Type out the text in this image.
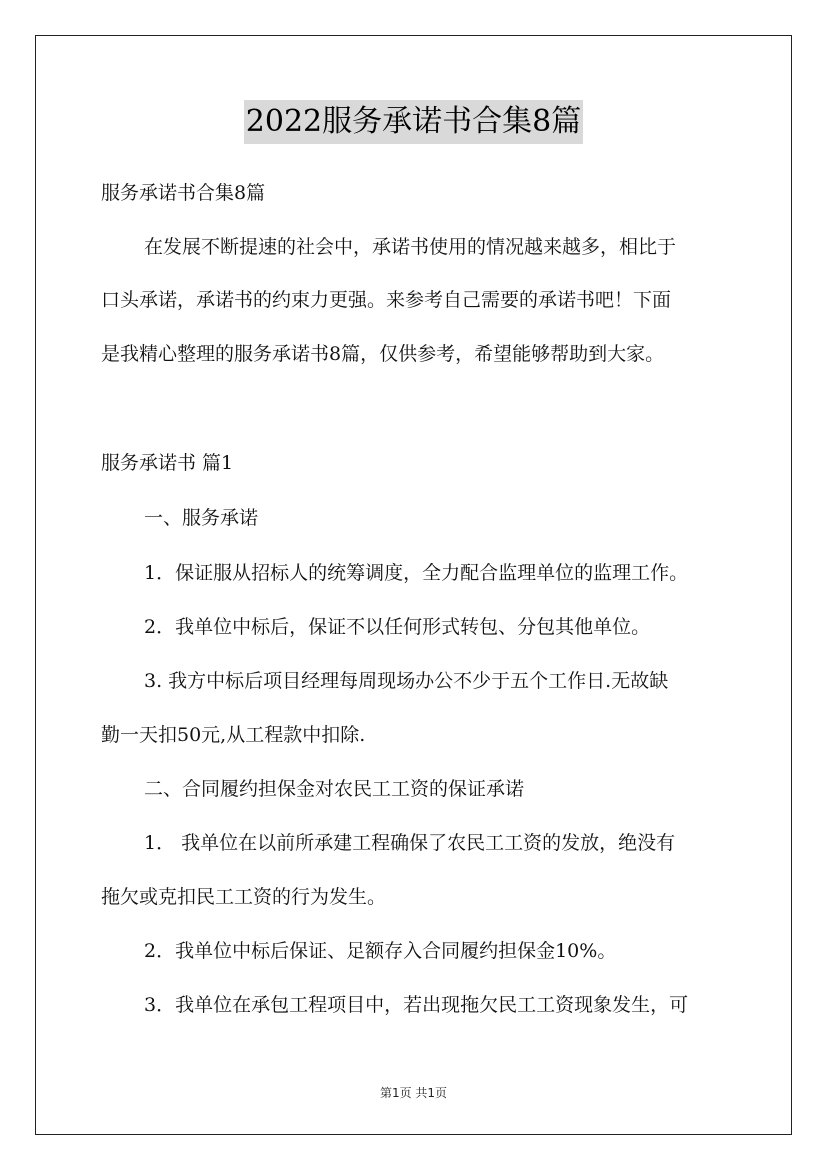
2022服务承诺书合集8篇
服务承诺书合集8篇
在发展不断提速的社会中，承诺书使用的情况越来越多，相比于
口头承诺，承诺书的约束力更强。来参考自己需要的承诺书吧！下面
是我精心整理的服务承诺书8篇，仅供参考，希望能够帮助到大家。
服务承诺书 篇1
一、服务承诺
1．保证服从招标人的统筹调度，全力配合监理单位的监理工作。
2．我单位中标后，保证不以任何形式转包、分包其他单位。
3. 我方中标后项目经理每周现场办公不少于五个工作日.无故缺
勤一天扣50元,从工程款中扣除.
二、合同履约担保金对农民工工资的保证承诺
1． 我单位在以前所承建工程确保了农民工工资的发放，绝没有
拖欠或克扣民工工资的行为发生。
2．我单位中标后保证、足额存入合同履约担保金10%。
3．我单位在承包工程项目中，若出现拖欠民工工资现象发生，可
第1页 共1页
